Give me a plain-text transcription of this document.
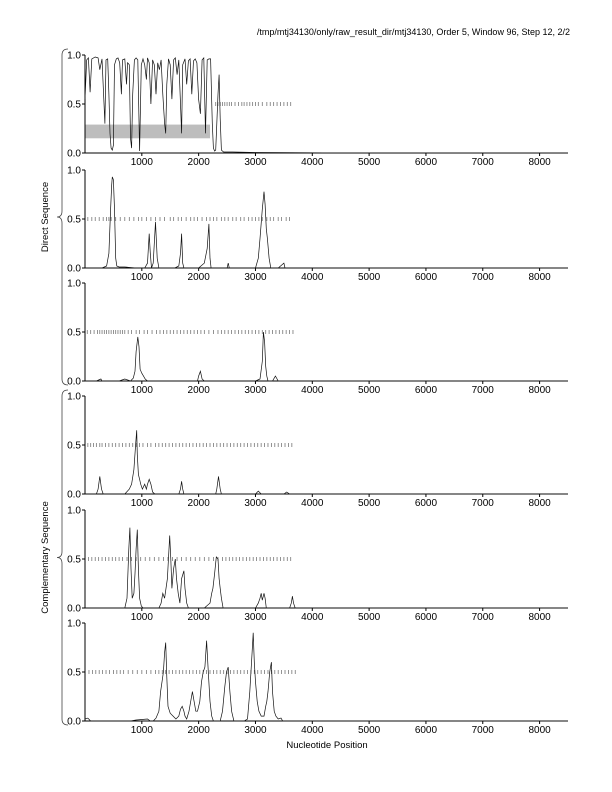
/tmp/mtj34130/only/raw_result_dir/mtj34130, Order 5, Window 96, Step 12, 2/2
0.0
0.5
1.0
1000	2000	3000	4000	5000	6000	7000	8000
0.0
0.5
1.0
1000	2000	3000	4000	5000	6000	7000	8000
0.0
0.5
1.0
1000	2000	3000	4000	5000	6000	7000	8000
0.0
0.5
1.0
1000	2000	3000	4000	5000	6000	7000	8000
0.0
0.5
1.0
1000	2000	3000	4000	5000	6000	7000	8000
0.0
0.5
1.0
1000	2000	3000	4000	5000	6000	7000	8000
Direct Sequence
Complementary Sequence
Nucleotide Position
